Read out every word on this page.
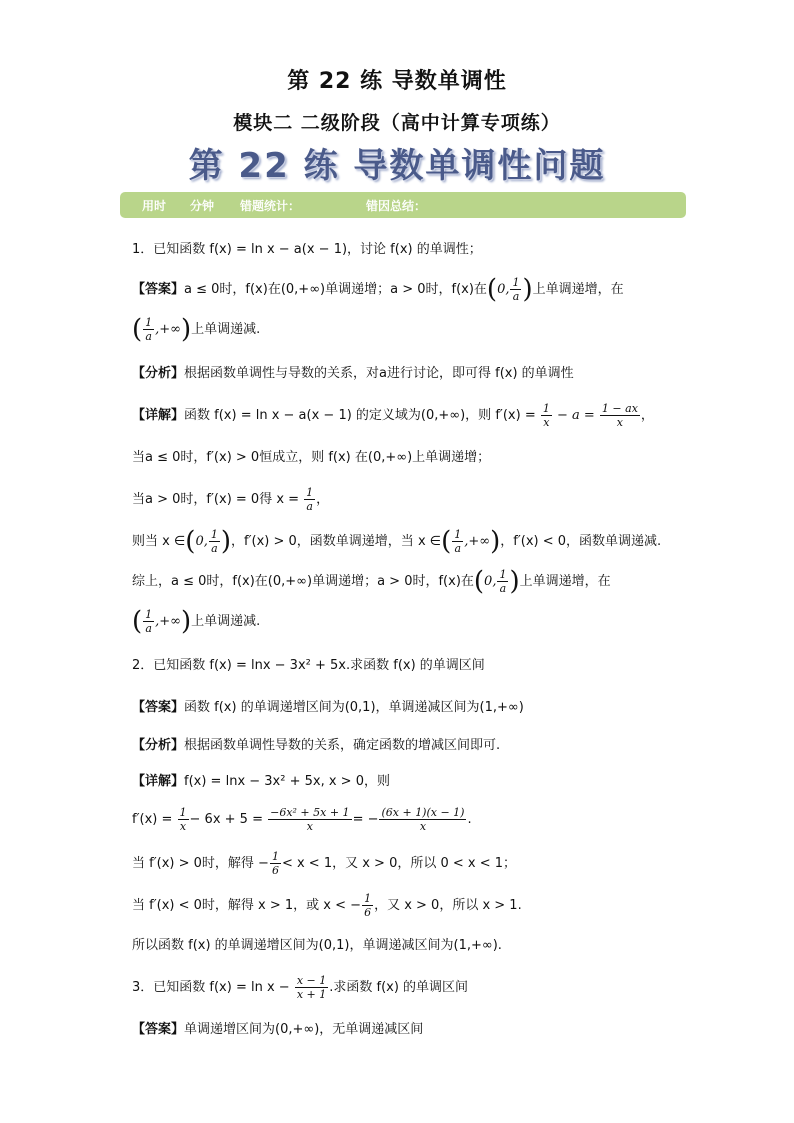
第 22 练 导数单调性
模块二 二级阶段（高中计算专项练）
第 22 练 导数单调性问题
用时 分钟 错题统计：	错因总结：
1．已知函数 f(x) = ln x − a(x − 1)，讨论 f(x) 的单调性；
【答案】a ≤ 0时，f(x)在(0,+∞)单调递增；a > 0时，f(x)在(0, $\frac{1}{a}$ )上单调递增，在
( $\frac{1}{a}$ ,+∞)上单调递减.
【分析】根据函数单调性与导数的关系，对a进行讨论，即可得 f(x) 的单调性
【详解】函数 f(x) = ln x − a(x − 1) 的定义域为(0,+∞)，则 $f'(x) = \frac{1}{x} - a = \frac{1 - ax}{x}$ ，
当a ≤ 0时，f′(x) > 0恒成立，则 f(x) 在(0,+∞)上单调递增；
当a > 0时，f′(x) = 0得 $x = \frac{1}{a}$ ，
则当 x ∈(0, $\frac{1}{a}$ )，f′(x) > 0，函数单调递增，当 x ∈( $\frac{1}{a}$ ,+∞)，f′(x) < 0，函数单调递减.
综上，a ≤ 0时，f(x)在(0,+∞)单调递增；a > 0时，f(x)在(0, $\frac{1}{a}$ )上单调递增，在
( $\frac{1}{a}$ ,+∞)上单调递减.
2．已知函数 f(x) = lnx − 3x² + 5x.求函数 f(x) 的单调区间
【答案】函数 f(x) 的单调递增区间为(0,1)，单调递减区间为(1,+∞)
【分析】根据函数单调性导数的关系，确定函数的增减区间即可.
【详解】f(x) = lnx − 3x² + 5x, x > 0，则
$f'(x) = \frac{1}{x} - 6x + 5 = \frac{\text{−6x² + 5x + 1}}{x}$ = − $\frac{(6x + 1)(x - 1)}{x}$ .
当 f′(x) > 0时，解得 − $\frac{1}{6} < x < 1$，又 x > 0，所以 0 < x < 1；
当 f′(x) < 0时，解得 x > 1，或 x < − $\frac{1}{6}$ ，又 x > 0，所以 x > 1.
所以函数 f(x) 的单调递增区间为(0,1)，单调递减区间为(1,+∞).
3．已知函数 $f(x) = \ln x - \frac{x - 1}{x + 1}$ .求函数 f(x) 的单调区间
【答案】单调递增区间为(0,+∞)，无单调递减区间
